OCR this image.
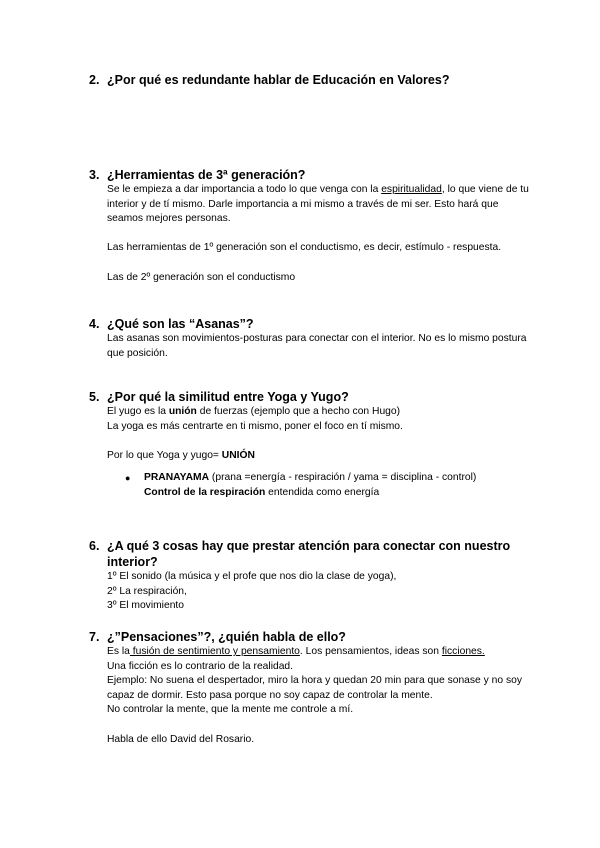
2. ¿Por qué es redundante hablar de Educación en Valores?
3. ¿Herramientas de 3ª generación?

Se le empieza a dar importancia a todo lo que venga con la espiritualidad, lo que viene de tu interior y de tí mismo. Darle importancia a mi mismo a través de mi ser. Esto hará que seamos mejores personas.

Las herramientas de 1º generación son el conductismo, es decir, estímulo - respuesta.

Las de 2º generación son el conductismo

4. ¿Qué son las “Asanas”?

Las asanas son movimientos-posturas para conectar con el interior. No es lo mismo postura que posición.

5. ¿Por qué la similitud entre Yoga y Yugo?

El yugo es la unión de fuerzas (ejemplo que a hecho con Hugo)

La yoga es más centrarte en ti mismo, poner el foco en tí mismo.

Por lo que Yoga y yugo= UNIÓN

●	PRANAYAMA (prana =energía - respiración / yama = disciplina - control)

Control de la respiración entendida como energía

6. ¿A qué 3 cosas hay que prestar atención para conectar con nuestro interior?

1º El sonido (la música y el profe que nos dio la clase de yoga),

2º La respiración,

3º El movimiento

7. ¿”Pensaciones”?, ¿quién habla de ello?

Es la fusión de sentimiento y pensamiento. Los pensamientos, ideas son ficciones.

Una ficción es lo contrario de la realidad.

Ejemplo: No suena el despertador, miro la hora y quedan 20 min para que sonase y no soy capaz de dormir. Esto pasa porque no soy capaz de controlar la mente.

No controlar la mente, que la mente me controle a mí.

Habla de ello David del Rosario.
